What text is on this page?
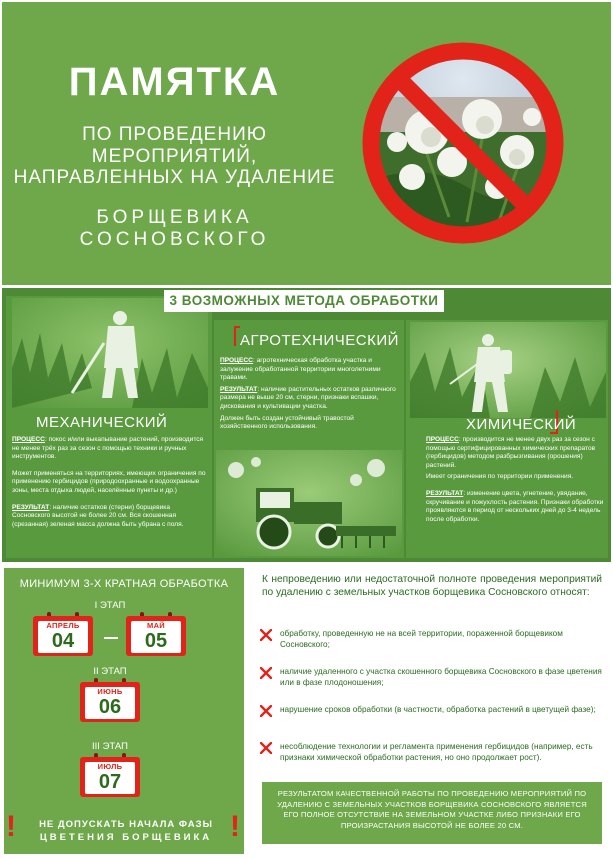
ПАМЯТКА
ПО ПРОВЕДЕНИЮ МЕРОПРИЯТИЙ,
НАПРАВЛЕННЫХ НА УДАЛЕНИЕ
БОРЩЕВИКА СОСНОВСКОГО
МЕХАНИЧЕСКИЙ

ПРОЦЕСС: покос и/или выкапывание растений, производится не менее трёх раз за сезон с помощью техники и ручных инструментов.

Может применяться на территориях, имеющих ограничения по применению гербицидов (природоохранные и водоохранные зоны, места отдыха людей, населённые пункты и др.)

РЕЗУЛЬТАТ: наличие остатков (стерни) борщевика Сосновского высотой не более 20 см. Вся скошенная (срезанная) зеленая масса должна быть убрана с поля.

3 ВОЗМОЖНЫХ МЕТОДА ОБРАБОТКИ
АГРОТЕХНИЧЕСКИЙ

ПРОЦЕСС: агротехническая обработка участка и залужение обработанной территории многолетними травами.

РЕЗУЛЬТАТ: наличие растительных остатков различного размера не выше 20 см, стерни, признаки вспашки, дискования и культивации участка.

Должен быть создан устойчивый травостой хозяйственного использования.	ХИМИЧЕСКИЙ

ПРОЦЕСС: производится не менее двух раз за сезон с помощью сертифицированных химических препаратов (гербицидов) методом разбрызгивания (орошения) растений.

Имеет ограничения по территории применения.

РЕЗУЛЬТАТ: изменение цвета, угнетение, увядание, скручивание и пожухлость растения. Признаки обработки проявляются в период от нескольких дней до 3-4 недель после обработки.

МИНИМУМ 3-Х КРАТНАЯ ОБРАБОТКА
I ЭТАП
АПРЕЛЬ
04
МАЙ
05
II ЭТАП
ИЮНЬ
06
III ЭТАП
ИЮЛЬ
07
!	НЕ ДОПУСКАТЬ НАЧАЛА ФАЗЫ
ЦВЕТЕНИЯ БОРЩЕВИКА !
К непроведению или недостаточной полноте проведения мероприятий по удалению с земельных участков борщевика Сосновского относят:
обработку, проведенную не на всей территории, пораженной борщевиком Сосновского;
наличие удаленного с участка скошенного борщевика Сосновского в фазе цветения или в фазе плодоношения;
нарушение сроков обработки (в частности, обработка растений в цветущей фазе);
несоблюдение технологии и регламента применения гербицидов (например, есть признаки химической обработки растения, но оно продолжает рост).
РЕЗУЛЬТАТОМ КАЧЕСТВЕННОЙ РАБОТЫ ПО ПРОВЕДЕНИЮ МЕРОПРИЯТИЙ ПО УДАЛЕНИЮ С ЗЕМЕЛЬНЫХ УЧАСТКОВ БОРЩЕВИКА СОСНОВСКОГО ЯВЛЯЕТСЯ ЕГО ПОЛНОЕ ОТСУТСТВИЕ НА ЗЕМЕЛЬНОМ УЧАСТКЕ ЛИБО ПРИЗНАКИ ЕГО ПРОИЗРАСТАНИЯ ВЫСОТОЙ НЕ БОЛЕЕ 20 СМ.
